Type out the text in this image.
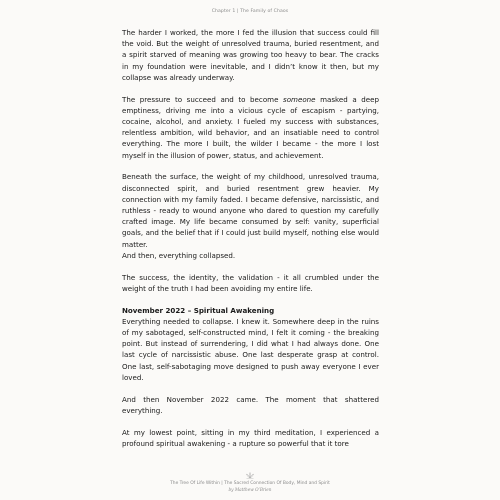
Chapter 1 | The Family of Chaos

The harder I worked, the more I fed the illusion that success could fill the void. But the weight of unresolved trauma, buried resentment, and a spirit starved of meaning was growing too heavy to bear. The cracks in my foundation were inevitable, and I didn’t know it then, but my collapse was already underway.

The pressure to succeed and to become someone masked a deep emptiness, driving me into a vicious cycle of escapism - partying, cocaine, alcohol, and anxiety. I fueled my success with substances, relentless ambition, wild behavior, and an insatiable need to control everything. The more I built, the wilder I became - the more I lost myself in the illusion of power, status, and achievement.

Beneath the surface, the weight of my childhood, unresolved trauma, disconnected spirit, and buried resentment grew heavier. My connection with my family faded. I became defensive, narcissistic, and ruthless - ready to wound anyone who dared to question my carefully crafted image. My life became consumed by self: vanity, superficial goals, and the belief that if I could just build myself, nothing else would matter.

And then, everything collapsed.

The success, the identity, the validation - it all crumbled under the weight of the truth I had been avoiding my entire life.

November 2022 – Spiritual Awakening

Everything needed to collapse. I knew it. Somewhere deep in the ruins of my sabotaged, self-constructed mind, I felt it coming - the breaking point. But instead of surrendering, I did what I had always done. One last cycle of narcissistic abuse. One last desperate grasp at control. One last, self-sabotaging move designed to push away everyone I ever loved.

And then November 2022 came. The moment that shattered everything.

At my lowest point, sitting in my third meditation, I experienced a profound spiritual awakening - a rupture so powerful that it tore

The Tree Of Life Within | The Sacred Connection Of Body, Mind and Spirit
by Matthew O’Brien
